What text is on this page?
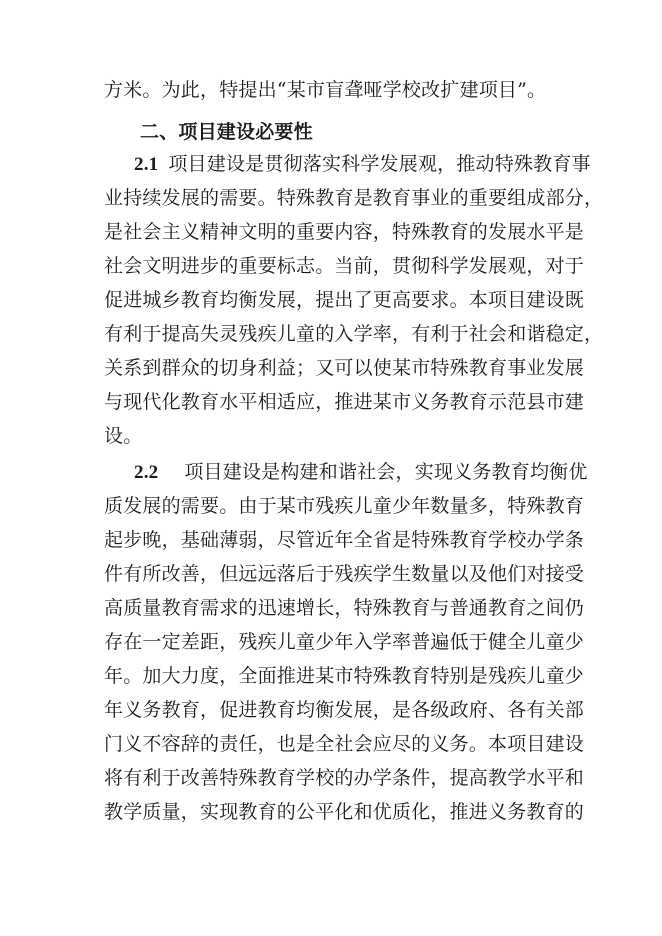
方米。为此，特提出“某市盲聋哑学校改扩建项目”。
二、项目建设必要性
2.1 项目建设是贯彻落实科学发展观，推动特殊教育事
业持续发展的需要。特殊教育是教育事业的重要组成部分，
是社会主义精神文明的重要内容，特殊教育的发展水平是
社会文明进步的重要标志。当前，贯彻科学发展观，对于
促进城乡教育均衡发展，提出了更高要求。本项目建设既
有利于提高失灵残疾儿童的入学率，有利于社会和谐稳定，
关系到群众的切身利益；又可以使某市特殊教育事业发展
与现代化教育水平相适应，推进某市义务教育示范县市建
设。
2.2 项目建设是构建和谐社会，实现义务教育均衡优
质发展的需要。由于某市残疾儿童少年数量多，特殊教育
起步晚，基础薄弱，尽管近年全省是特殊教育学校办学条
件有所改善，但远远落后于残疾学生数量以及他们对接受
高质量教育需求的迅速增长，特殊教育与普通教育之间仍
存在一定差距，残疾儿童少年入学率普遍低于健全儿童少
年。加大力度，全面推进某市特殊教育特别是残疾儿童少
年义务教育，促进教育均衡发展，是各级政府、各有关部
门义不容辞的责任，也是全社会应尽的义务。本项目建设
将有利于改善特殊教育学校的办学条件，提高教学水平和
教学质量，实现教育的公平化和优质化，推进义务教育的
